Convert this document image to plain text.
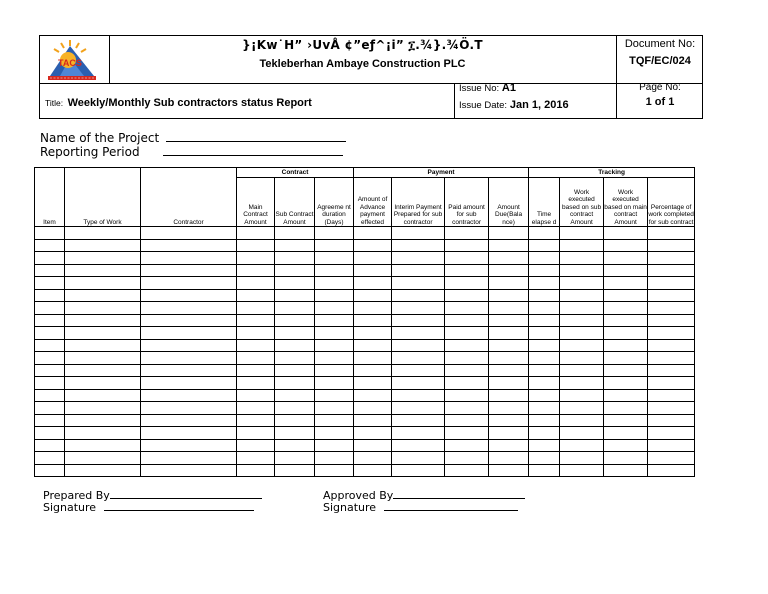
TACS
}¡Kw˙H” ›UvÅ ¢”eƒ^¡i” ፲.¾}.¾Ö.T
Tekleberhan Ambaye Construction PLC
Document No:
TQF/EC/024
Title: Weekly/Monthly Sub contractors status Report
Issue No: A1
Issue Date: Jan 1, 2016
Page No:
1 of 1
Name of the Project
Reporting Period
Item	Type of Work	Contractor	Contract			Payment				Tracking			
			Main Contract Amount	Sub Contract Amount	Agreeme nt duration (Days)	Amount of Advance payment effected	Interim Payment Prepared for sub contractor	Paid amount for sub contractor	Amount Due(Bala nce)	Time elapse d	Work executed based on sub contract Amount	Work executed based on main contract Amount	Percentage of work completed for sub contract

Prepared By
Signature
Approved By
Signature
